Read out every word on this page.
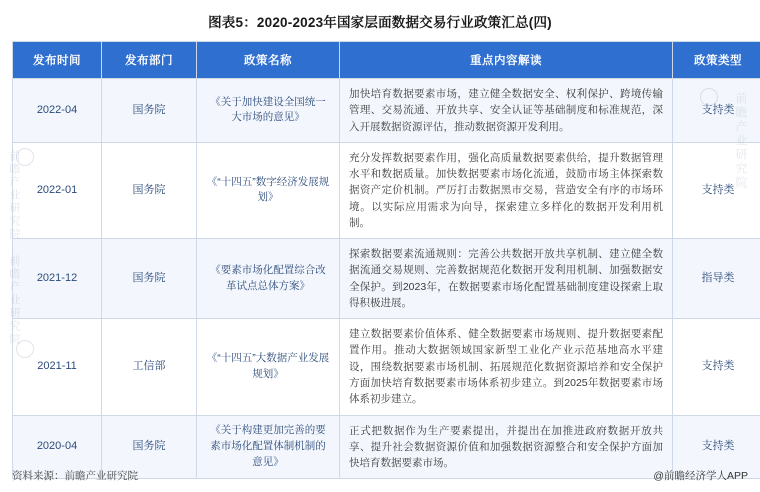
图表5：2020-2023年国家层面数据交易行业政策汇总(四)
前瞻产业研究院
前瞻产业研究院
前瞻产业研究院
发布时间	发布部门	政策名称	重点内容解读	政策类型
2022-04	国务院	《关于加快建设全国统一大市场的意见》	加快培育数据要素市场，建立健全数据安全、权利保护、跨境传输管理、交易流通、开放共享、安全认证等基础制度和标准规范，深入开展数据资源评估，推动数据资源开发利用。	支持类
2022-01	国务院	《“十四五”数字经济发展规划》	充分发挥数据要素作用，强化高质量数据要素供给，提升数据管理水平和数据质量。加快数据要素市场化流通，鼓励市场主体探索数据资产定价机制。严厉打击数据黑市交易，营造安全有序的市场环境。以实际应用需求为向导，探索建立多样化的数据开发利用机制。	支持类
2021-12	国务院	《要素市场化配置综合改革试点总体方案》	探索数据要素流通规则：完善公共数据开放共享机制、建立健全数据流通交易规则、完善数据规范化数据开发利用机制、加强数据安全保护。到2023年，在数据要素市场化配置基础制度建设探索上取得积极进展。	指导类
2021-11	工信部	《“十四五”大数据产业发展规划》	建立数据要素价值体系、健全数据要素市场规则、提升数据要素配置作用。推动大数据领域国家新型工业化产业示范基地高水平建设，围绕数据要素市场机制、拓展规范化数据资源培养和安全保护方面加快培育数据要素市场体系初步建立。到2025年数据要素市场体系初步建立。	支持类
2020-04	国务院	《关于构建更加完善的要素市场化配置体制机制的意见》	正式把数据作为生产要素提出，并提出在加推进政府数据开放共享、提升社会数据资源价值和加强数据资源整合和安全保护方面加快培育数据要素市场。	支持类
资料来源：前瞻产业研究院	@前瞻经济学人APP
